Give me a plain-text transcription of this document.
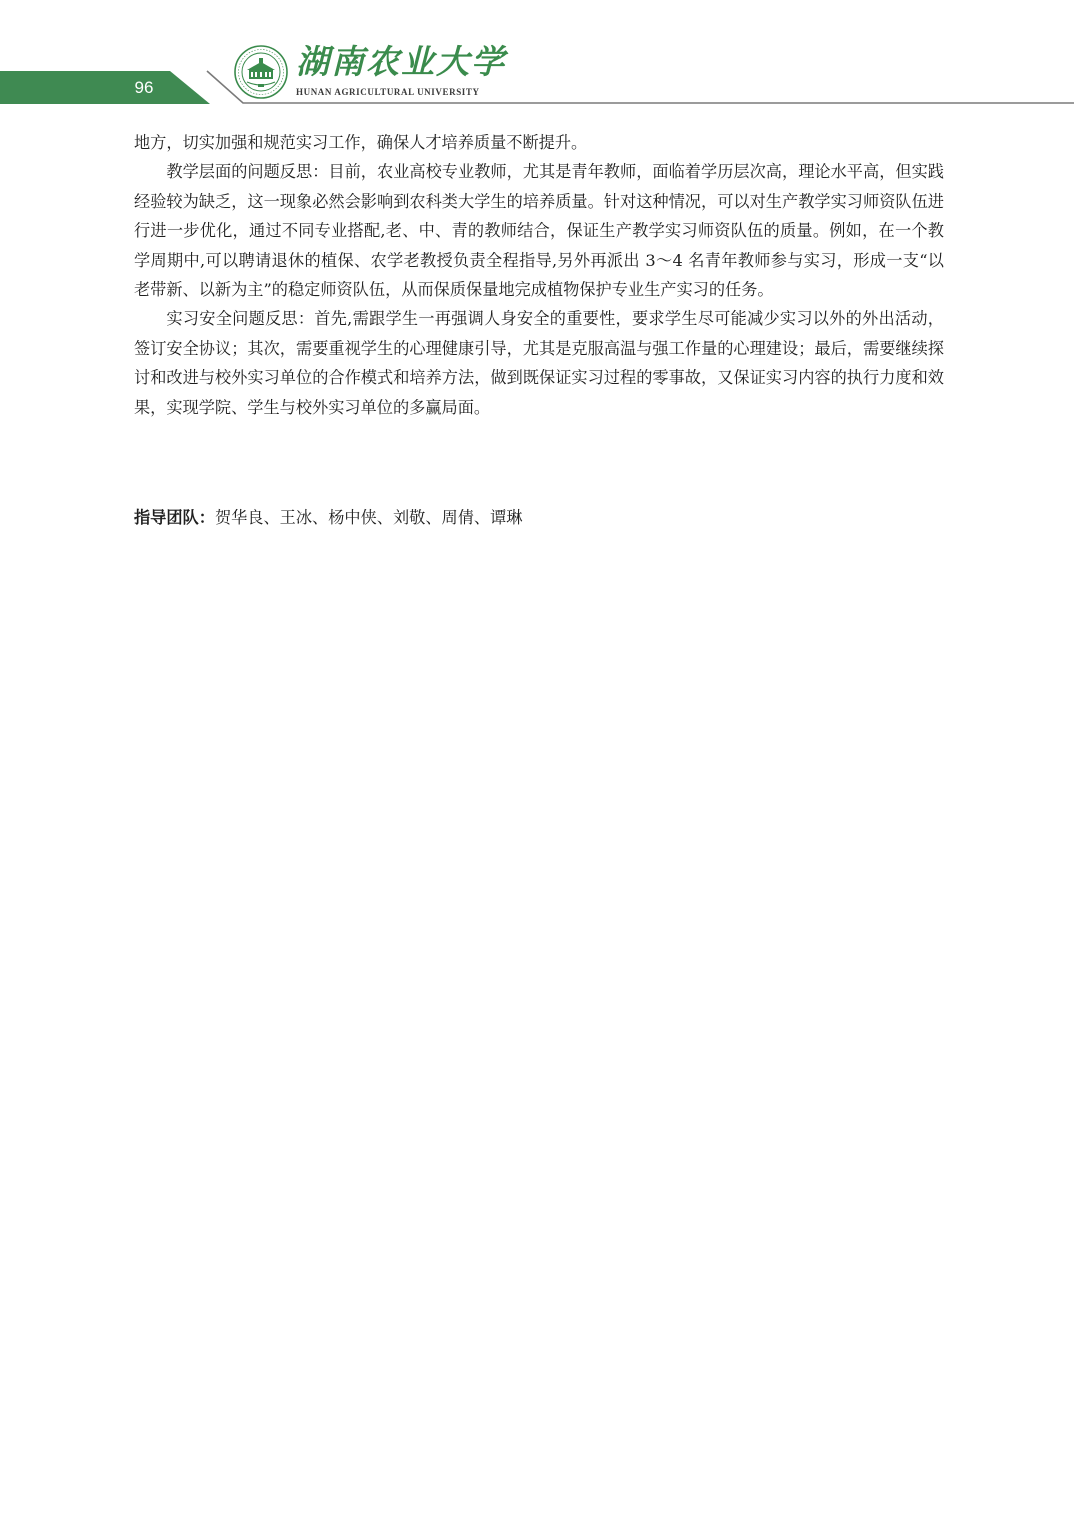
96
湖南农业大学
HUNAN AGRICULTURAL UNIVERSITY

地方，切实加强和规范实习工作，确保人才培养质量不断提升。

教学层面的问题反思：目前，农业高校专业教师，尤其是青年教师，面临着学历层次高，理论水平高，但实践经验较为缺乏，这一现象必然会影响到农科类大学生的培养质量。针对这种情况，可以对生产教学实习师资队伍进行进一步优化，通过不同专业搭配,老、中、青的教师结合，保证生产教学实习师资队伍的质量。例如，在一个教学周期中,可以聘请退休的植保、农学老教授负责全程指导,另外再派出 3～4 名青年教师参与实习，形成一支“以老带新、以新为主”的稳定师资队伍，从而保质保量地完成植物保护专业生产实习的任务。

实习安全问题反思：首先,需跟学生一再强调人身安全的重要性，要求学生尽可能减少实习以外的外出活动，签订安全协议；其次，需要重视学生的心理健康引导，尤其是克服高温与强工作量的心理建设；最后，需要继续探讨和改进与校外实习单位的合作模式和培养方法，做到既保证实习过程的零事故，又保证实习内容的执行力度和效果，实现学院、学生与校外实习单位的多赢局面。

指导团队：贺华良、王冰、杨中侠、刘敬、周倩、谭琳
